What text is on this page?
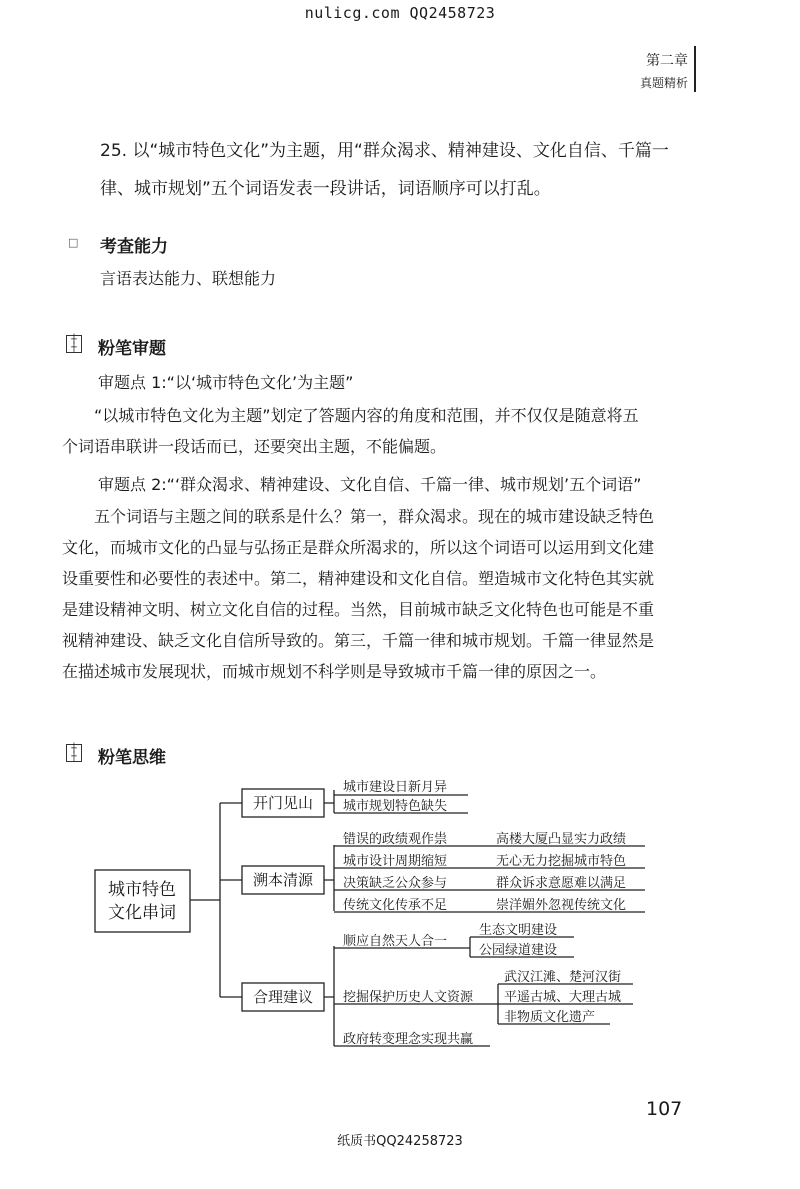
nulicg.com QQ2458723
第二章
真题精析
25. 以“城市特色文化”为主题，用“群众渴求、精神建设、文化自信、千篇一
律、城市规划”五个词语发表一段讲话，词语顺序可以打乱。
□ 考查能力
言语表达能力、联想能力
┼
┼	粉笔审题
审题点 1:“以‘城市特色文化’为主题”
“以城市特色文化为主题”划定了答题内容的角度和范围，并不仅仅是随意将五
个词语串联讲一段话而已，还要突出主题，不能偏题。
审题点 2:“‘群众渴求、精神建设、文化自信、千篇一律、城市规划’五个词语”
五个词语与主题之间的联系是什么？第一，群众渴求。现在的城市建设缺乏特色
文化，而城市文化的凸显与弘扬正是群众所渴求的，所以这个词语可以运用到文化建
设重要性和必要性的表述中。第二，精神建设和文化自信。塑造城市文化特色其实就
是建设精神文明、树立文化自信的过程。当然，目前城市缺乏文化特色也可能是不重
视精神建设、缺乏文化自信所导致的。第三，千篇一律和城市规划。千篇一律显然是
在描述城市发展现状，而城市规划不科学则是导致城市千篇一律的原因之一。
┼
┼	粉笔思维
城市特色
文化串词
开门见山
溯本清源
合理建议
城市建设日新月异
城市规划特色缺失
错误的政绩观作祟
城市设计周期缩短
决策缺乏公众参与
传统文化传承不足
高楼大厦凸显实力政绩
无心无力挖掘城市特色
群众诉求意愿难以满足
崇洋媚外忽视传统文化
顺应自然天人合一
生态文明建设
公园绿道建设
挖掘保护历史人文资源
武汉江滩、楚河汉街
平遥古城、大理古城
非物质文化遗产
政府转变理念实现共赢
107
纸质书QQ24258723
